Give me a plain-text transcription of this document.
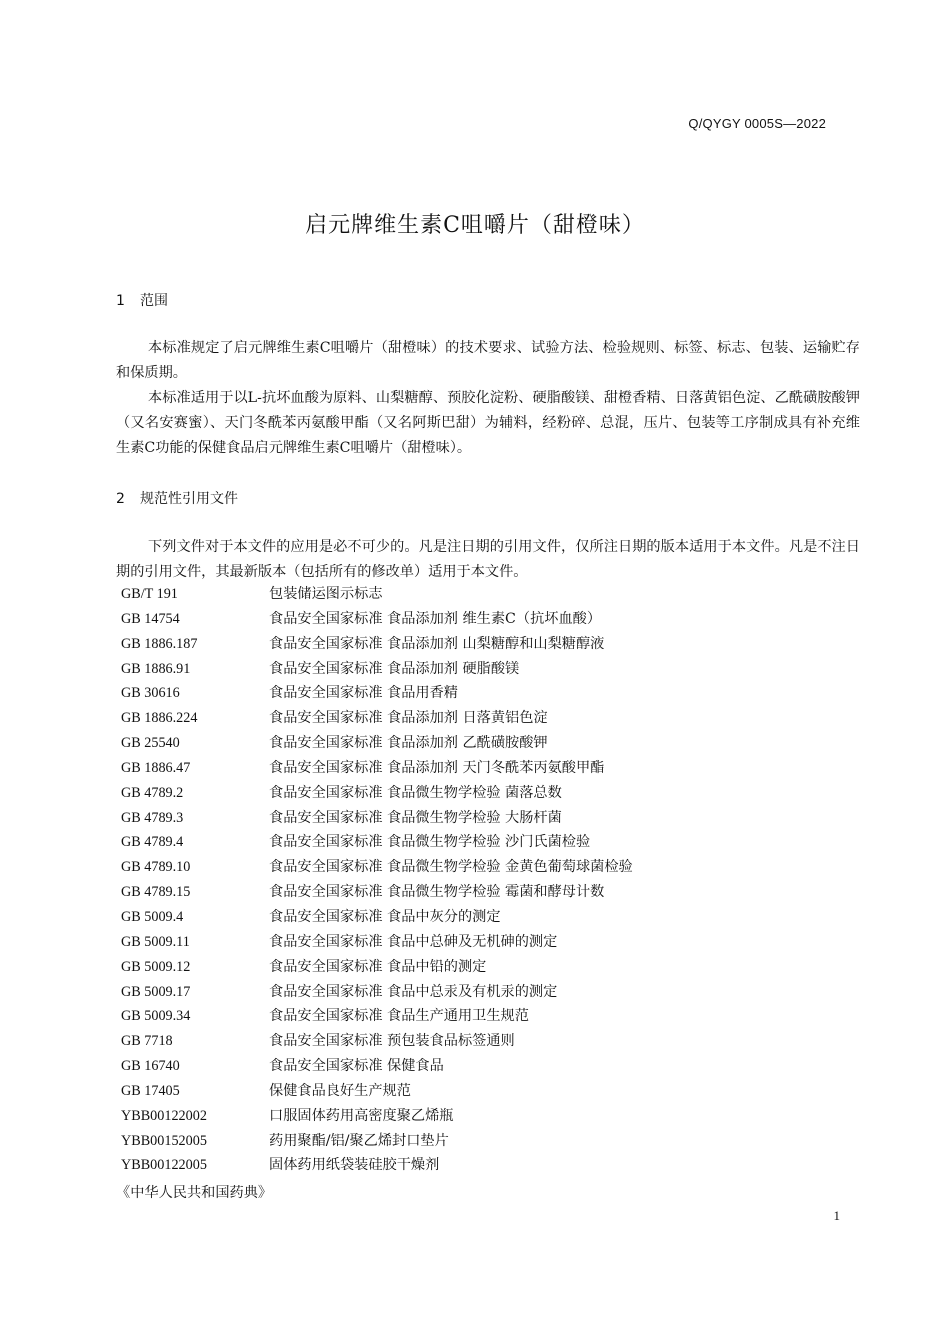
Q/QYGY 0005S—2022
启元牌维生素C咀嚼片（甜橙味）
1 范围
本标准规定了启元牌维生素C咀嚼片（甜橙味）的技术要求、试验方法、检验规则、标签、标志、包装、运输贮存和保质期。
本标准适用于以L-抗坏血酸为原料、山梨糖醇、预胶化淀粉、硬脂酸镁、甜橙香精、日落黄铝色淀、乙酰磺胺酸钾（又名安赛蜜）、天门冬酰苯丙氨酸甲酯（又名阿斯巴甜）为辅料，经粉碎、总混，压片、包装等工序制成具有补充维生素C功能的保健食品启元牌维生素C咀嚼片（甜橙味）。
2 规范性引用文件
下列文件对于本文件的应用是必不可少的。凡是注日期的引用文件，仅所注日期的版本适用于本文件。凡是不注日期的引用文件，其最新版本（包括所有的修改单）适用于本文件。
GB/T 191	包装储运图示标志
GB 14754	食品安全国家标准 食品添加剂 维生素C（抗坏血酸）
GB 1886.187	食品安全国家标准 食品添加剂 山梨糖醇和山梨糖醇液
GB 1886.91	食品安全国家标准 食品添加剂 硬脂酸镁
GB 30616	食品安全国家标准 食品用香精
GB 1886.224	食品安全国家标准 食品添加剂 日落黄铝色淀
GB 25540	食品安全国家标准 食品添加剂 乙酰磺胺酸钾
GB 1886.47	食品安全国家标准 食品添加剂 天门冬酰苯丙氨酸甲酯
GB 4789.2	食品安全国家标准 食品微生物学检验 菌落总数
GB 4789.3	食品安全国家标准 食品微生物学检验 大肠杆菌
GB 4789.4	食品安全国家标准 食品微生物学检验 沙门氏菌检验
GB 4789.10	食品安全国家标准 食品微生物学检验 金黄色葡萄球菌检验
GB 4789.15	食品安全国家标准 食品微生物学检验 霉菌和酵母计数
GB 5009.4	食品安全国家标准 食品中灰分的测定
GB 5009.11	食品安全国家标准 食品中总砷及无机砷的测定
GB 5009.12	食品安全国家标准 食品中铅的测定
GB 5009.17	食品安全国家标准 食品中总汞及有机汞的测定
GB 5009.34	食品安全国家标准 食品生产通用卫生规范
GB 7718	食品安全国家标准 预包装食品标签通则
GB 16740	食品安全国家标准 保健食品
GB 17405	保健食品良好生产规范
YBB00122002	口服固体药用高密度聚乙烯瓶
YBB00152005	药用聚酯/铝/聚乙烯封口垫片
YBB00122005	固体药用纸袋装硅胶干燥剂
《中华人民共和国药典》
1
